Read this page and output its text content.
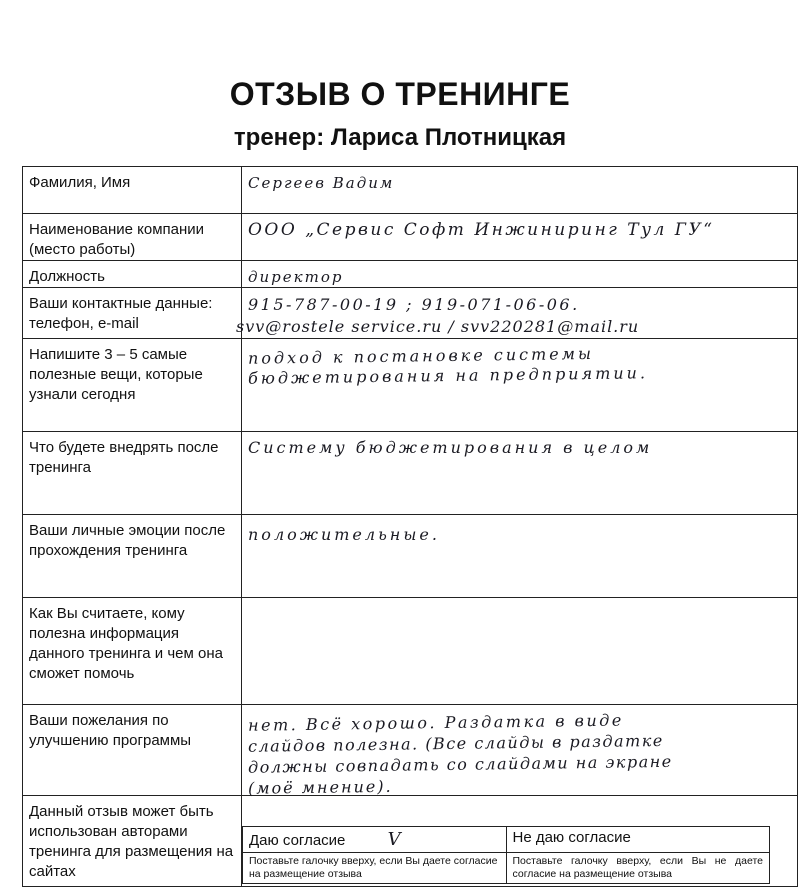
ОТЗЫВ О ТРЕНИНГЕ
тренер: Лариса Плотницкая
Фамилия, Имя	Сергеев Вадим

Наименование компании (место работы)	ООО „Сервис Софт Инжиниринг Тул ГУ“

Должность	директор

Ваши контактные данные: телефон, e-mail	915-787-00-19 ; 919-071-06-06.
svv@rostele service.ru / svv220281@mail.ru

Напишите 3 – 5 самые полезные вещи, которые узнали сегодня	подход к постановке системы
бюджетирования на предприятии.

Что будете внедрять после тренинга	Систему бюджетирования в целом

Ваши личные эмоции после прохождения тренинга	положительные.

Как Вы считаете, кому полезна информация данного тренинга и чем она сможет помочь	
Ваши пожелания по улучшению программы	нет. Всё хорошо. Раздатка в виде
слайдов полезна. (Все слайды в раздатке
должны совпадать со слайдами на экране
(моё мнение).

Данный отзыв может быть использован авторами тренинга для размещения на сайтах	
Даю согласие V	Не даю согласие
Поставьте галочку вверху, если Вы даете согласие на размещение отзыва	Поставьте галочку вверху, если Вы не даете согласие на размещение отзыва
